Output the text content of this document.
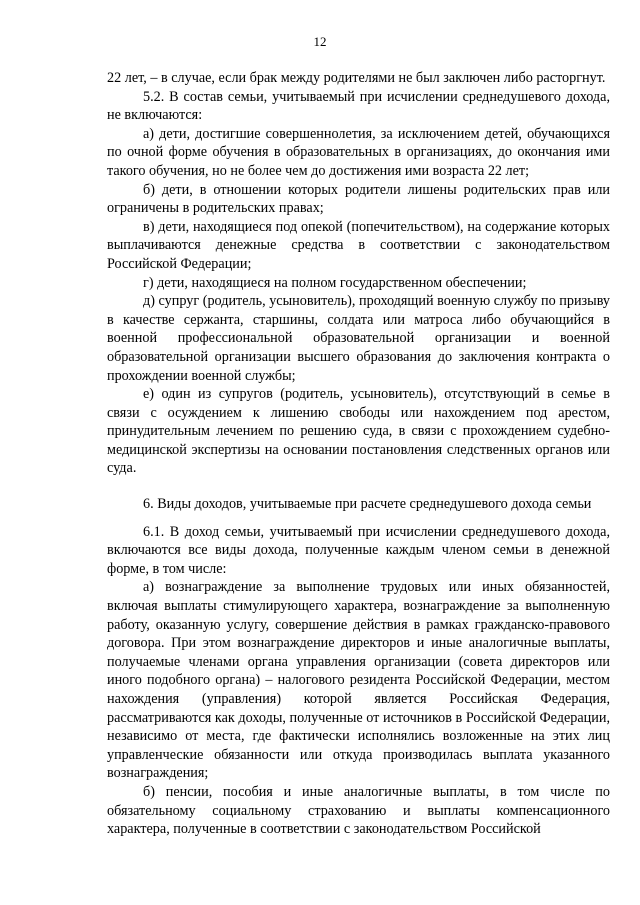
12

22 лет, – в случае, если брак между родителями не был заключен либо расторгнут.

5.2. В состав семьи, учитываемый при исчислении среднедушевого дохода, не включаются:

а) дети, достигшие совершеннолетия, за исключением детей, обучающихся по очной форме обучения в образовательных в организациях, до окончания ими такого обучения, но не более чем до достижения ими возраста 22 лет;

б) дети, в отношении которых родители лишены родительских прав или ограничены в родительских правах;

в) дети, находящиеся под опекой (попечительством), на содержание которых выплачиваются денежные средства в соответствии с законодательством Российской Федерации;

г) дети, находящиеся на полном государственном обеспечении;

д) супруг (родитель, усыновитель), проходящий военную службу по призыву в качестве сержанта, старшины, солдата или матроса либо обучающийся в военной профессиональной образовательной организации и военной образовательной организации высшего образования до заключения контракта о прохождении военной службы;

е) один из супругов (родитель, усыновитель), отсутствующий в семье в связи с осуждением к лишению свободы или нахождением под арестом, принудительным лечением по решению суда, в связи с прохождением судебно-медицинской экспертизы на основании постановления следственных органов или суда.

6. Виды доходов, учитываемые при расчете среднедушевого дохода семьи

6.1. В доход семьи, учитываемый при исчислении среднедушевого дохода, включаются все виды дохода, полученные каждым членом семьи в денежной форме, в том числе:

а) вознаграждение за выполнение трудовых или иных обязанностей, включая выплаты стимулирующего характера, вознаграждение за выполненную работу, оказанную услугу, совершение действия в рамках гражданско-правового договора. При этом вознаграждение директоров и иные аналогичные выплаты, получаемые членами органа управления организации (совета директоров или иного подобного органа) – налогового резидента Российской Федерации, местом нахождения (управления) которой является Российская Федерация, рассматриваются как доходы, полученные от источников в Российской Федерации, независимо от места, где фактически исполнялись возложенные на этих лиц управленческие обязанности или откуда производилась выплата указанного вознаграждения;

б) пенсии, пособия и иные аналогичные выплаты, в том числе по обязательному социальному страхованию и выплаты компенсационного характера, полученные в соответствии с законодательством Российской
